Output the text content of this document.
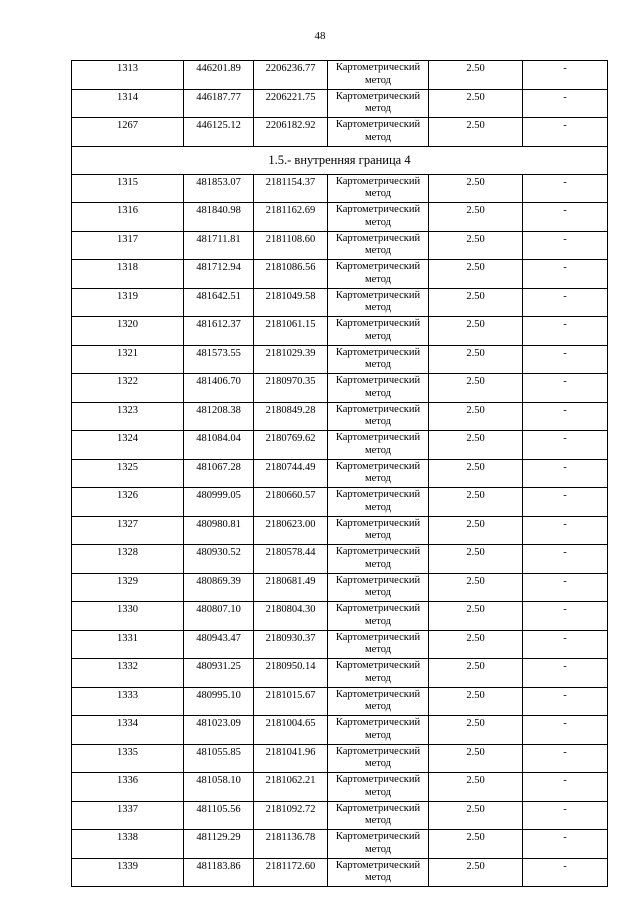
48
1313	446201.89	2206236.77	Картометрический метод	2.50	-
1314	446187.77	2206221.75	Картометрический метод	2.50	-
1267	446125.12	2206182.92	Картометрический метод	2.50	-
1.5.- внутренняя граница 4					
1315	481853.07	2181154.37	Картометрический метод	2.50	-
1316	481840.98	2181162.69	Картометрический метод	2.50	-
1317	481711.81	2181108.60	Картометрический метод	2.50	-
1318	481712.94	2181086.56	Картометрический метод	2.50	-
1319	481642.51	2181049.58	Картометрический метод	2.50	-
1320	481612.37	2181061.15	Картометрический метод	2.50	-
1321	481573.55	2181029.39	Картометрический метод	2.50	-
1322	481406.70	2180970.35	Картометрический метод	2.50	-
1323	481208.38	2180849.28	Картометрический метод	2.50	-
1324	481084.04	2180769.62	Картометрический метод	2.50	-
1325	481067.28	2180744.49	Картометрический метод	2.50	-
1326	480999.05	2180660.57	Картометрический метод	2.50	-
1327	480980.81	2180623.00	Картометрический метод	2.50	-
1328	480930.52	2180578.44	Картометрический метод	2.50	-
1329	480869.39	2180681.49	Картометрический метод	2.50	-
1330	480807.10	2180804.30	Картометрический метод	2.50	-
1331	480943.47	2180930.37	Картометрический метод	2.50	-
1332	480931.25	2180950.14	Картометрический метод	2.50	-
1333	480995.10	2181015.67	Картометрический метод	2.50	-
1334	481023.09	2181004.65	Картометрический метод	2.50	-
1335	481055.85	2181041.96	Картометрический метод	2.50	-
1336	481058.10	2181062.21	Картометрический метод	2.50	-
1337	481105.56	2181092.72	Картометрический метод	2.50	-
1338	481129.29	2181136.78	Картометрический метод	2.50	-
1339	481183.86	2181172.60	Картометрический метод	2.50	-
